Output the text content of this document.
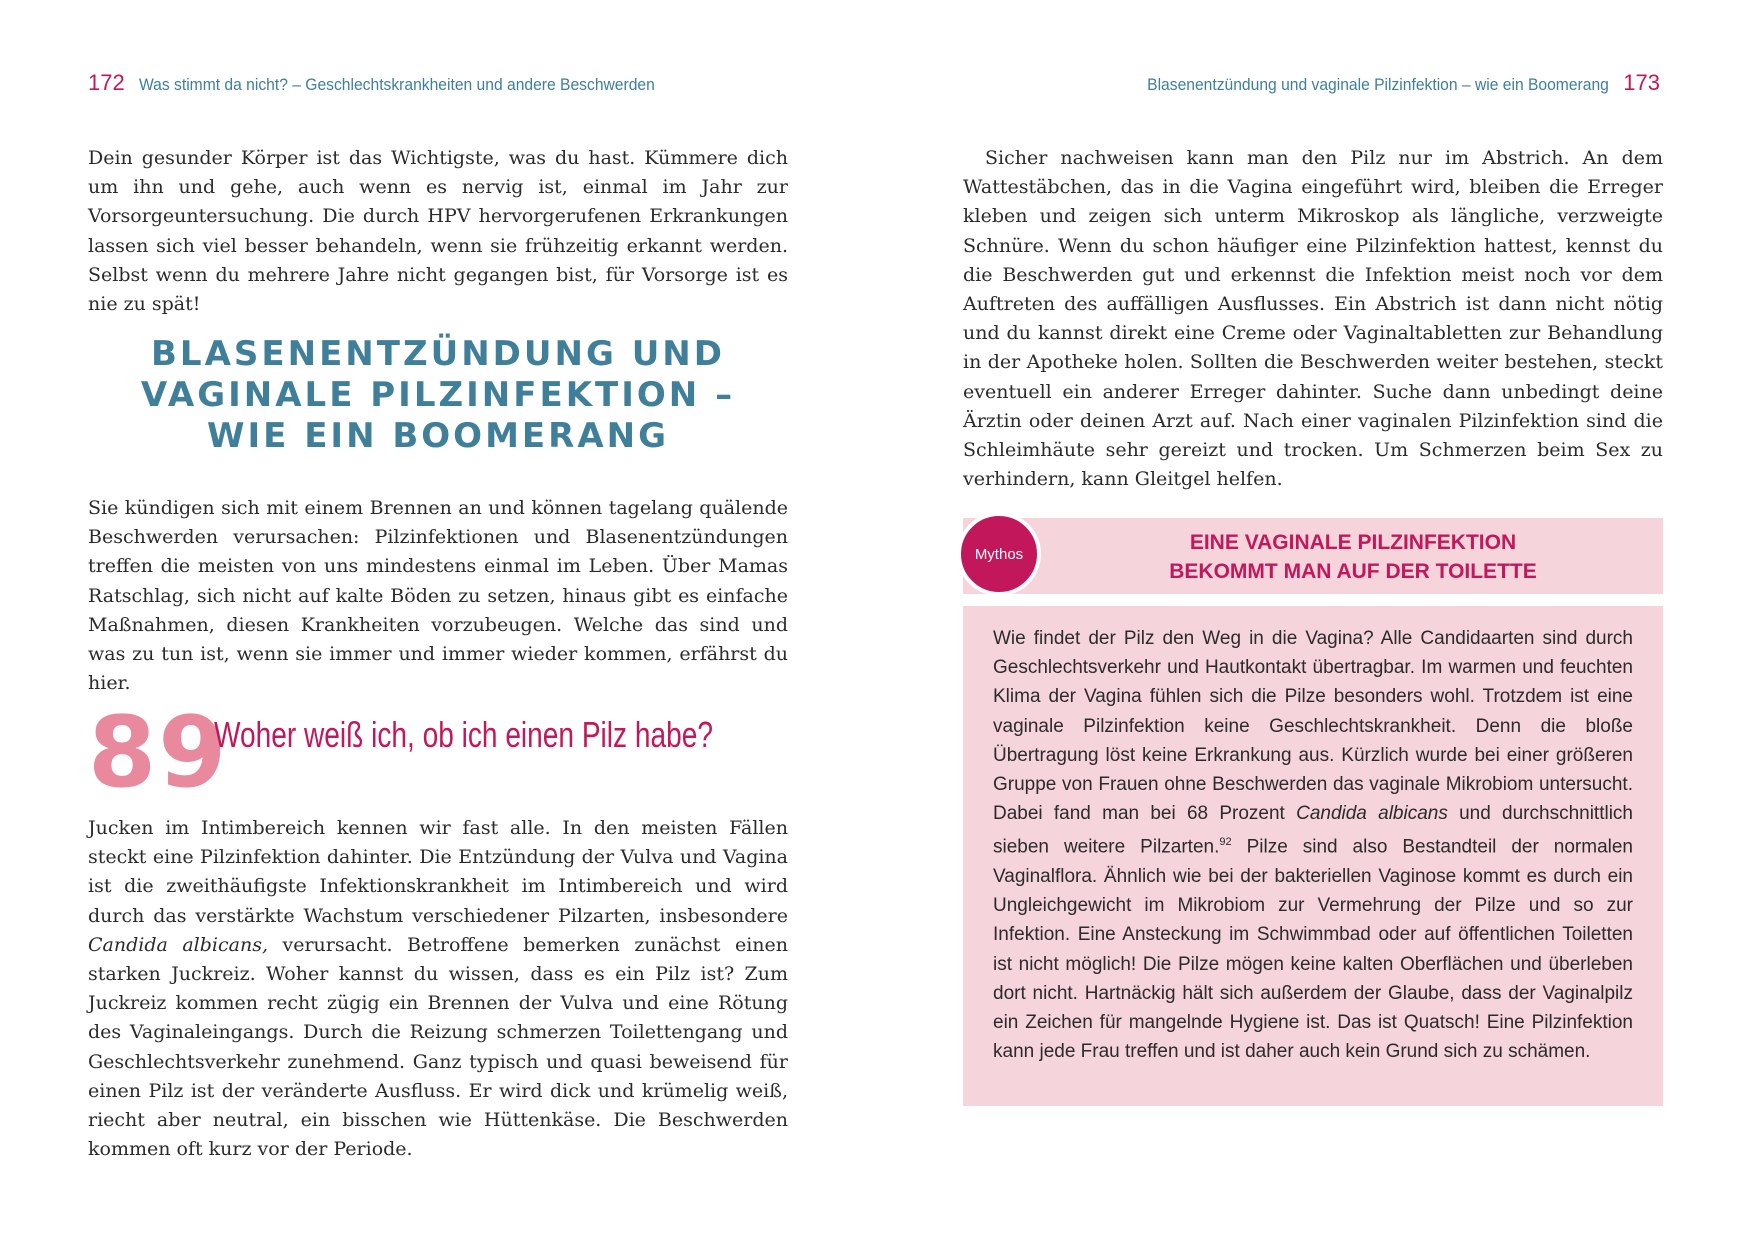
172 Was stimmt da nicht? – Geschlechtskrankheiten und andere Beschwerden	Blasenentzündung und vaginale Pilzinfektion – wie ein Boomerang 173

Dein gesunder Körper ist das Wichtigste, was du hast. Kümmere dich um ihn und gehe, auch wenn es nervig ist, einmal im Jahr zur Vorsorgeuntersuchung. Die durch HPV hervorgerufenen Erkrankungen lassen sich viel besser behandeln, wenn sie frühzeitig erkannt werden. Selbst wenn du mehrere Jahre nicht gegangen bist, für Vorsorge ist es nie zu spät!

BLASENENTZÜNDUNG UND
VAGINALE PILZINFEKTION –
WIE EIN BOOMERANG

Sie kündigen sich mit einem Brennen an und können tagelang quälende Beschwerden verursachen: Pilzinfektionen und Blasenentzündungen treffen die meisten von uns mindestens einmal im Leben. Über Mamas Ratschlag, sich nicht auf kalte Böden zu setzen, hinaus gibt es einfache Maßnahmen, diesen Krankheiten vorzubeugen. Welche das sind und was zu tun ist, wenn sie immer und immer wieder kommen, erfährst du hier.

89
Woher weiß ich, ob ich einen Pilz habe?

Jucken im Intimbereich kennen wir fast alle. In den meisten Fällen steckt eine Pilzinfektion dahinter. Die Entzündung der Vulva und Vagina ist die zweithäufigste Infektionskrankheit im Intimbereich und wird durch das verstärkte Wachstum verschiedener Pilzarten, insbesondere Candida albicans, verursacht. Betroffene bemerken zunächst einen starken Juckreiz. Woher kannst du wissen, dass es ein Pilz ist? Zum Juckreiz kommen recht zügig ein Brennen der Vulva und eine Rötung des Vaginaleingangs. Durch die Reizung schmerzen Toilettengang und Geschlechtsverkehr zunehmend. Ganz typisch und quasi beweisend für einen Pilz ist der veränderte Ausfluss. Er wird dick und krümelig weiß, riecht aber neutral, ein bisschen wie Hüttenkäse. Die Beschwerden kommen oft kurz vor der Periode.

Sicher nachweisen kann man den Pilz nur im Abstrich. An dem Wattestäbchen, das in die Vagina eingeführt wird, bleiben die Erreger kleben und zeigen sich unterm Mikroskop als längliche, verzweigte Schnüre. Wenn du schon häufiger eine Pilzinfektion hattest, kennst du die Beschwerden gut und erkennst die Infektion meist noch vor dem Auftreten des auffälligen Ausflusses. Ein Abstrich ist dann nicht nötig und du kannst direkt eine Creme oder Vaginaltabletten zur Behandlung in der Apotheke holen. Sollten die Beschwerden weiter bestehen, steckt eventuell ein anderer Erreger dahinter. Suche dann unbedingt deine Ärztin oder deinen Arzt auf. Nach einer vaginalen Pilzinfektion sind die Schleimhäute sehr gereizt und trocken. Um Schmerzen beim Sex zu verhindern, kann Gleitgel helfen.

Mythos	EINE VAGINALE PILZINFEKTION
BEKOMMT MAN AUF DER TOILETTE

Wie findet der Pilz den Weg in die Vagina? Alle Candidaarten sind durch Geschlechtsverkehr und Hautkontakt übertragbar. Im warmen und feuchten Klima der Vagina fühlen sich die Pilze besonders wohl. Trotzdem ist eine vaginale Pilzinfektion keine Geschlechtskrankheit. Denn die bloße Übertragung löst keine Erkrankung aus. Kürzlich wurde bei einer größeren Gruppe von Frauen ohne Beschwerden das vaginale Mikrobiom untersucht. Dabei fand man bei 68 Prozent Candida albicans und durchschnittlich sieben weitere Pilzarten.$^{92}$ Pilze sind also Bestandteil der normalen Vaginalflora. Ähnlich wie bei der bakteriellen Vaginose kommt es durch ein Ungleichgewicht im Mikrobiom zur Vermehrung der Pilze und so zur Infektion. Eine Ansteckung im Schwimmbad oder auf öffentlichen Toiletten ist nicht möglich! Die Pilze mögen keine kalten Oberflächen und überleben dort nicht. Hartnäckig hält sich außerdem der Glaube, dass der Vaginalpilz ein Zeichen für mangelnde Hygiene ist. Das ist Quatsch! Eine Pilzinfektion kann jede Frau treffen und ist daher auch kein Grund sich zu schämen.
